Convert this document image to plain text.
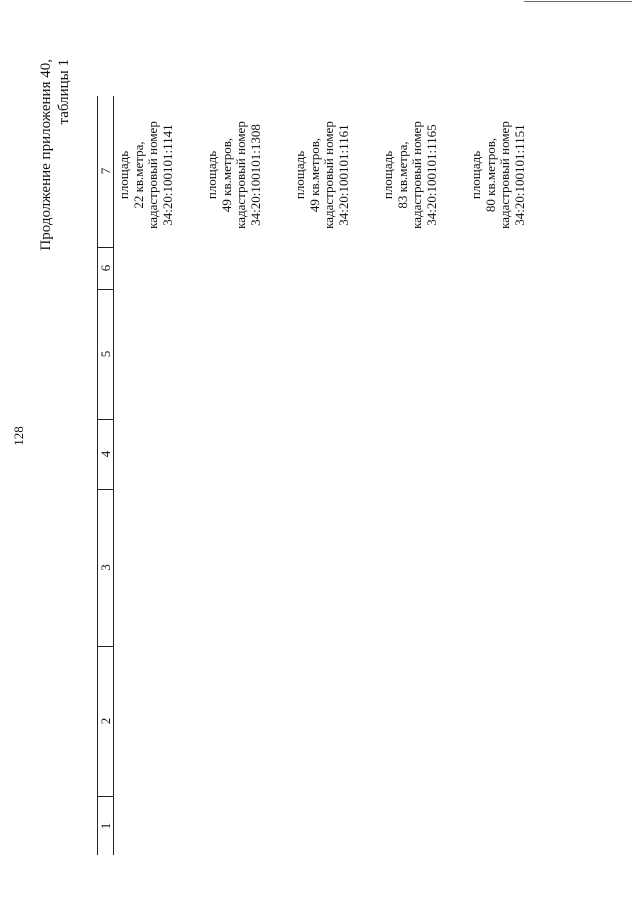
128
Продолжение приложения 40, таблицы 1
1
2
3
4
5
6
7 площадь 22 кв.метра, кадастровый номер 34:20:100101:1141 площадь 49 кв.метров, кадастровый номер 34:20:100101:1308 площадь 49 кв.метров, кадастровый номер 34:20:100101:1161 площадь 83 кв.метра, кадастровый номер 34:20:100101:1165 площадь 80 кв.метров, кадастровый номер 34:20:100101:1151
